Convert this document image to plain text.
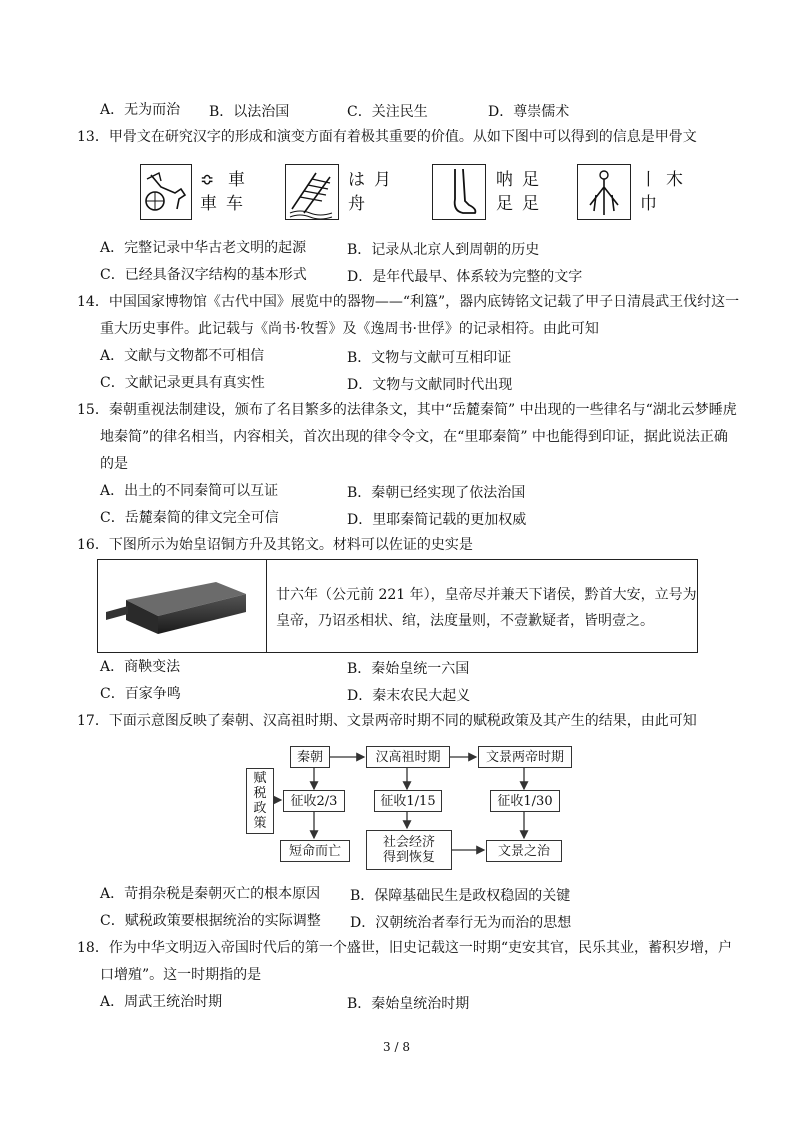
A．无为而治 B．以法治国	C．关注民生	D．尊崇儒术
13．甲骨文在研究汉字的形成和演变方面有着极其重要的价值。从如下图中可以得到的信息是甲骨文
≎ 車
車 车
は 月
舟
呐 足
足 足
丨 木
巾
A．完整记录中华古老文明的起源	B．记录从北京人到周朝的历史
C．已经具备汉字结构的基本形式	D．是年代最早、体系较为完整的文字
14．中国国家博物馆《古代中国》展览中的器物——“利簋”，器内底铸铭文记载了甲子日清晨武王伐纣这一
重大历史事件。此记载与《尚书·牧誓》及《逸周书·世俘》的记录相符。由此可知
A．文献与文物都不可相信	B．文物与文献可互相印证
C．文献记录更具有真实性	D．文物与文献同时代出现
15．秦朝重视法制建设，颁布了名目繁多的法律条文，其中“岳麓秦简” 中出现的一些律名与“湖北云梦睡虎
地秦简”的律名相当，内容相关，首次出现的律令令文，在“里耶秦简” 中也能得到印证，据此说法正确
的是
A．出土的不同秦简可以互证	B．秦朝已经实现了依法治国
C．岳麓秦简的律文完全可信	D．里耶秦简记载的更加权威
16．下图所示为始皇诏铜方升及其铭文。材料可以佐证的史实是
廿六年（公元前 221 年），皇帝尽并兼天下诸侯，黔首大安，立号为
皇帝，乃诏丞相状、绾，法度量则，不壹歉疑者，皆明壹之。
A．商鞅变法	B．秦始皇统一六国
C．百家争鸣	D．秦末农民大起义
17．下面示意图反映了秦朝、汉高祖时期、文景两帝时期不同的赋税政策及其产生的结果，由此可知
赋
税
政
策
秦朝	汉高祖时期	文景两帝时期
征收2/3	征收1/15	征收1/30
短命而亡
社会经济
得到恢复	文景之治
A．苛捐杂税是秦朝灭亡的根本原因 B．保障基础民生是政权稳固的关键
C．赋税政策要根据统治的实际调整 D．汉朝统治者奉行无为而治的思想
18．作为中华文明迈入帝国时代后的第一个盛世，旧史记载这一时期“吏安其官，民乐其业，蓄积岁增，户
口增殖”。这一时期指的是
A．周武王统治时期	B．秦始皇统治时期
3 / 8
